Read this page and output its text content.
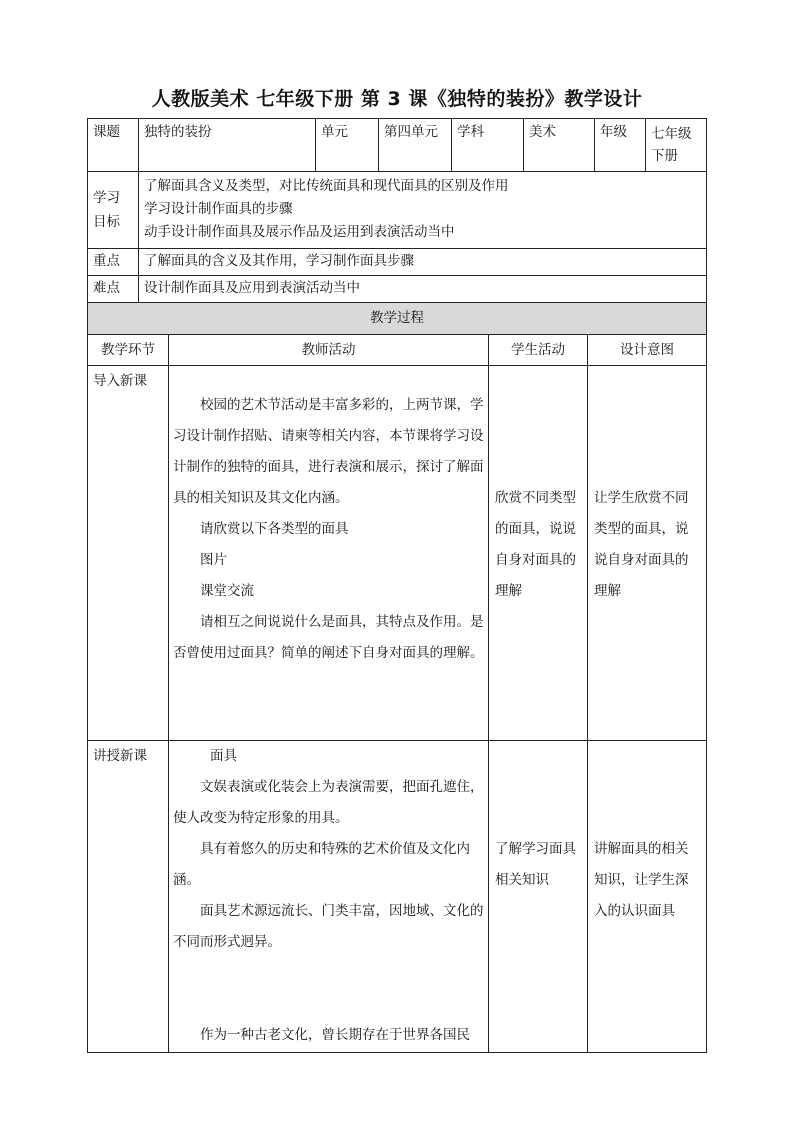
人教版美术 七年级下册 第 3 课《独特的装扮》教学设计
课题	独特的装扮	单元	第四单元	学科	美术	年级	七年级下册
学习目标	了解面具含义及类型，对比传统面具和现代面具的区别及作用
学习设计制作面具的步骤
动手设计制作面具及展示作品及运用到表演活动当中						

重点	了解面具的含义及其作用，学习制作面具步骤						
难点	设计制作面具及应用到表演活动当中						
教学过程			
教学环节	教师活动	学生活动	设计意图
导入新课	校园的艺术节活动是丰富多彩的，上两节课，学习设计制作招贴、请柬等相关内容，本节课将学习设计制作的独特的面具，进行表演和展示，探讨了解面具的相关知识及其文化内涵。
请欣赏以下各类型的面具
图片
课堂交流
请相互之间说说什么是面具，其特点及作用。是否曾使用过面具？简单的阐述下自身对面具的理解。	欣赏不同类型的面具，说说自身对面具的理解	让学生欣赏不同类型的面具，说说自身对面具的理解
讲授新课	面具
文娱表演或化装会上为表演需要，把面孔遮住，使人改变为特定形象的用具。
具有着悠久的历史和特殊的艺术价值及文化内涵。
面具艺术源远流长、门类丰富，因地域、文化的不同而形式迥异。
作为一种古老文化，曾长期存在于世界各国民	了解学习面具相关知识	讲解面具的相关知识，让学生深入的认识面具
